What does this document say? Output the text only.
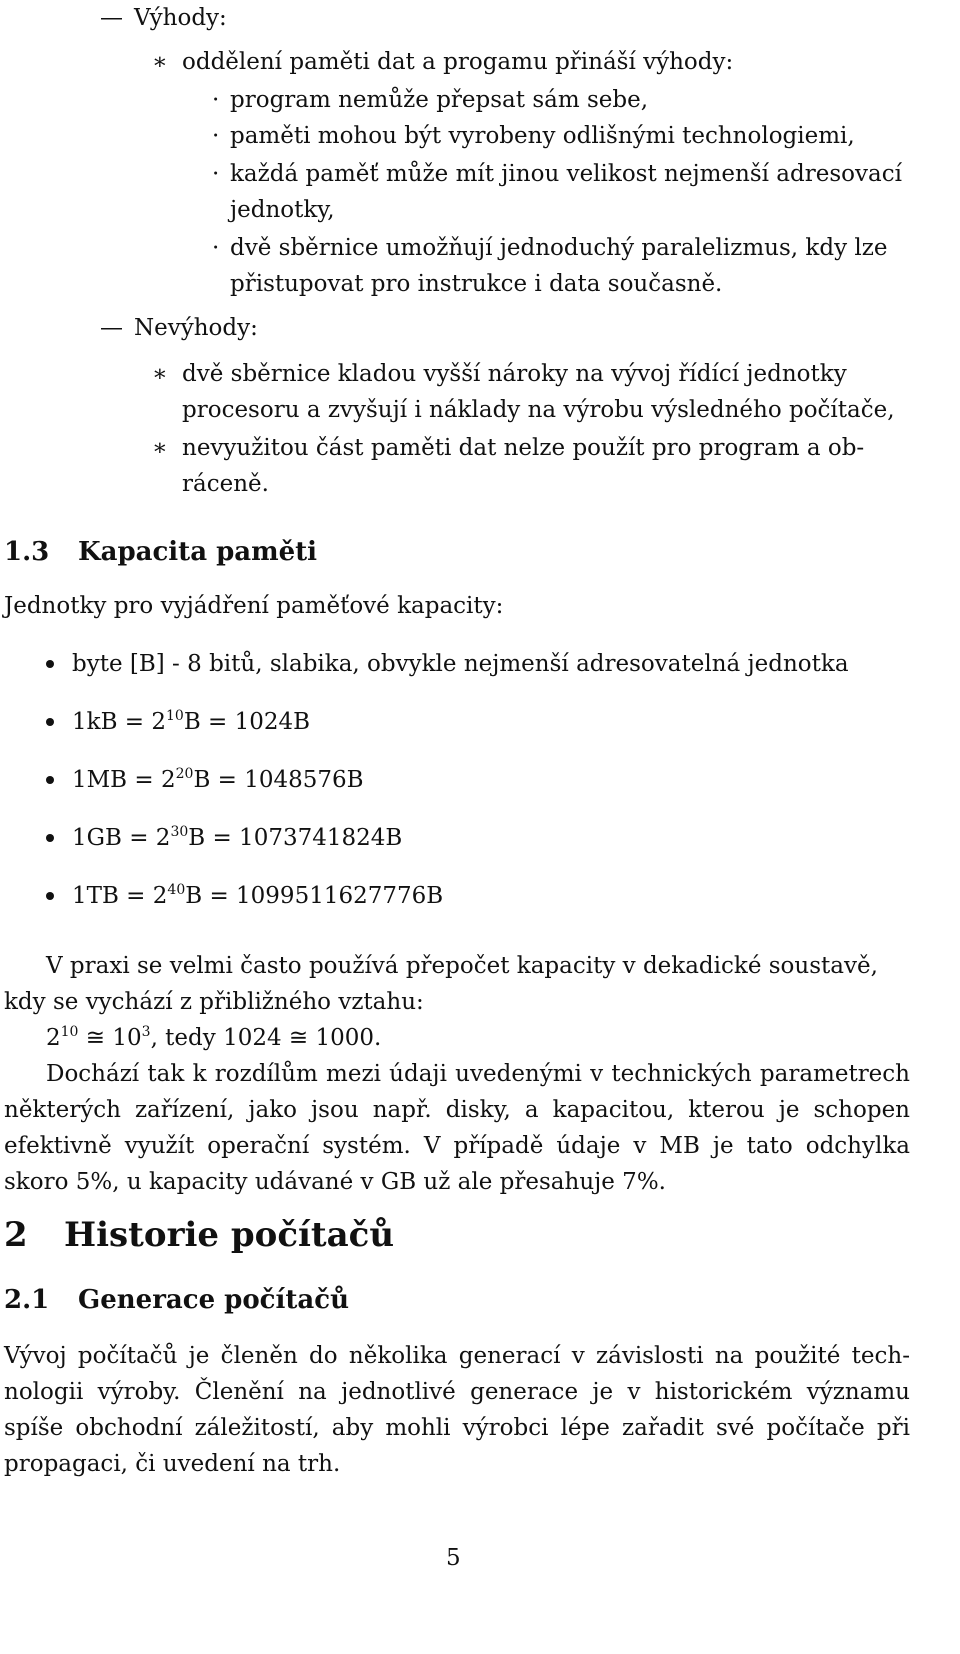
— Výhody:
∗ oddělení paměti dat a progamu přináší výhody:
· program nemůže přepsat sám sebe,
· paměti mohou být vyrobeny odlišnými technologiemi,
· každá paměť může mít jinou velikost nejmenší adresovací
jednotky,
· dvě sběrnice umožňují jednoduchý paralelizmus, kdy lze
přistupovat pro instrukce i data současně.
— Nevýhody:
∗ dvě sběrnice kladou vyšší nároky na vývoj řídící jednotky
procesoru a zvyšují i náklady na výrobu výsledného počítače,
∗ nevyužitou část paměti dat nelze použít pro program a ob-
ráceně.
1.3 Kapacita paměti
Jednotky pro vyjádření paměťové kapacity:
byte [B] - 8 bitů, slabika, obvykle nejmenší adresovatelná jednotka
$1kB = 2^{10}B = 1024B$
$1MB = 2^{20}B = 1048576B$
$1GB = 2^{30}B = 1073741824B$
$1TB = 2^{40}B = 1099511627776B$
V praxi se velmi často používá přepočet kapacity v dekadické soustavě,
kdy se vychází z přibližného vztahu:
$2^{10}$ ≅ $10^3$, tedy 1024 ≅ 1000.
Dochází tak k rozdílům mezi údaji uvedenými v technických parametrech
některých zařízení, jako jsou např. disky, a kapacitou, kterou je schopen
efektivně využít operační systém. V případě údaje v MB je tato odchylka
skoro 5%, u kapacity udávané v GB už ale přesahuje 7%.
2 Historie počítačů
2.1 Generace počítačů
Vývoj počítačů je členěn do několika generací v závislosti na použité tech-
nologii výroby. Členění na jednotlivé generace je v historickém významu
spíše obchodní záležitostí, aby mohli výrobci lépe zařadit své počítače při
propagaci, či uvedení na trh.
5
